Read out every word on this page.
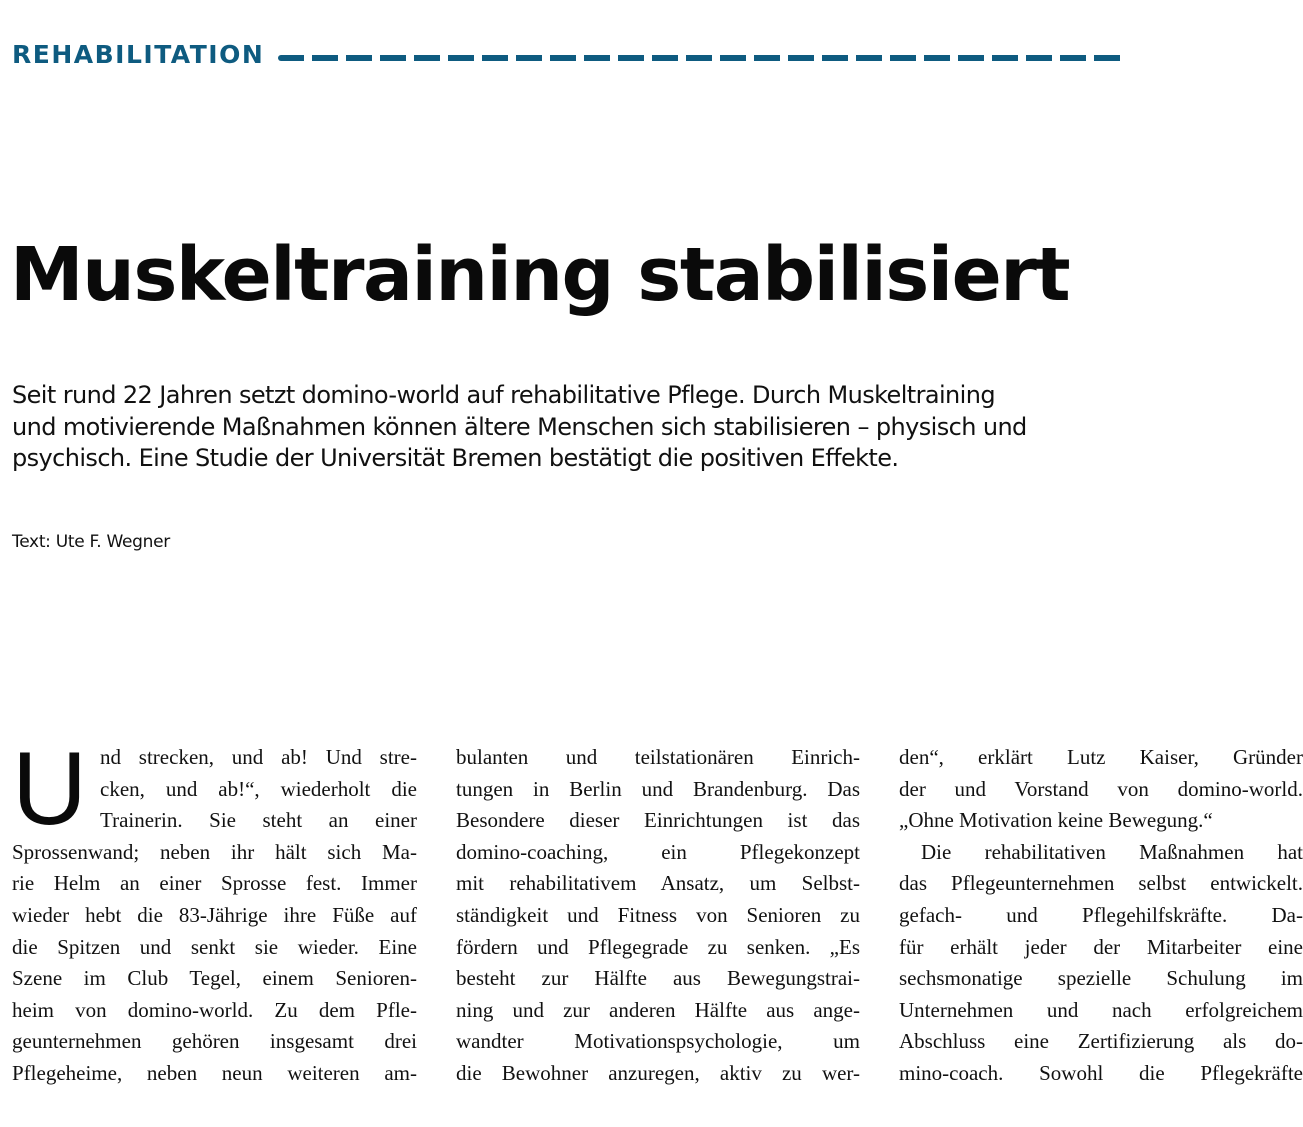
REHABILITATION
Muskeltraining stabilisiert

Seit rund 22 Jahren setzt domino-world auf rehabilitative Pflege. Durch Muskeltraining
und motivierende Maßnahmen können ältere Menschen sich stabilisieren – physisch und
psychisch. Eine Studie der Universität Bremen bestätigt die positiven Effekte.

Text: Ute F. Wegner

U nd strecken, und ab! Und stre-
cken, und ab!“, wiederholt die
Trainerin. Sie steht an einer
Sprossenwand; neben ihr hält sich Ma-
rie Helm an einer Sprosse fest. Immer
wieder hebt die 83-Jährige ihre Füße auf
die Spitzen und senkt sie wieder. Eine
Szene im Club Tegel, einem Senioren-
heim von domino-world. Zu dem Pfle-
geunternehmen gehören insgesamt drei
Pflegeheime, neben neun weiteren am-
bulanten und teilstationären Einrich-
tungen in Berlin und Brandenburg. Das
Besondere dieser Einrichtungen ist das
domino-coaching, ein Pflegekonzept
mit rehabilitativem Ansatz, um Selbst-
ständigkeit und Fitness von Senioren zu
fördern und Pflegegrade zu senken. „Es
besteht zur Hälfte aus Bewegungstrai-
ning und zur anderen Hälfte aus ange-
wandter Motivationspsychologie, um
die Bewohner anzuregen, aktiv zu wer-
den“, erklärt Lutz Kaiser, Gründer
der und Vorstand von domino-world.
„Ohne Motivation keine Bewegung.“
Die rehabilitativen Maßnahmen hat
das Pflegeunternehmen selbst entwickelt.
gefach- und Pflegehilfskräfte. Da-
für erhält jeder der Mitarbeiter eine
sechsmonatige spezielle Schulung im
Unternehmen und nach erfolgreichem
Abschluss eine Zertifizierung als do-
mino-coach. Sowohl die Pflegekräfte
